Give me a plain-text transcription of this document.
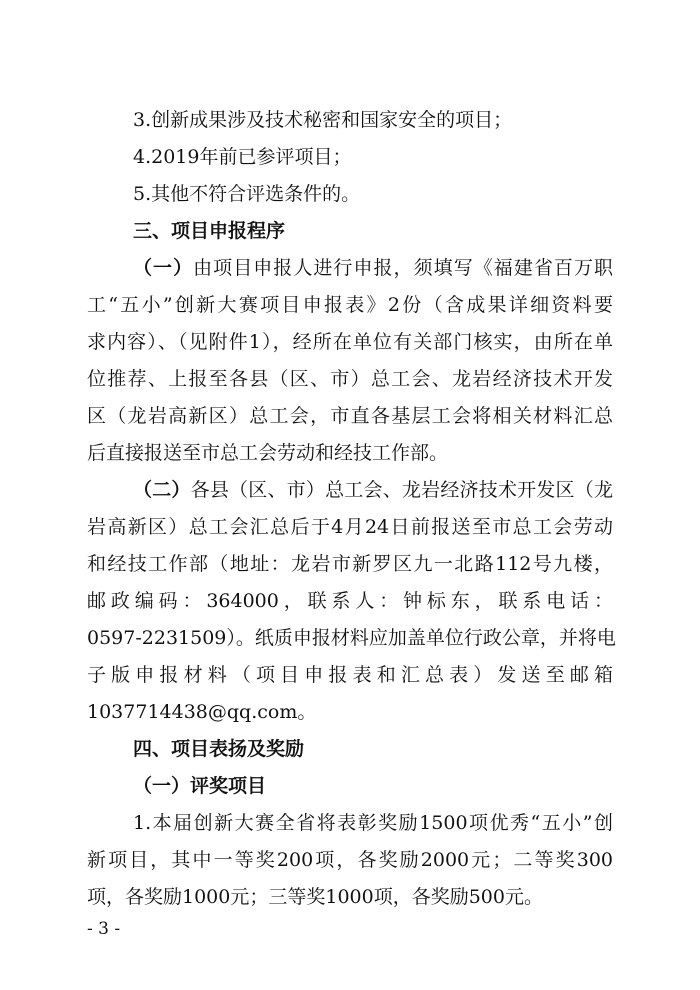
3.创新成果涉及技术秘密和国家安全的项目；

4.2019年前已参评项目；

5.其他不符合评选条件的。

三、项目申报程序

（一）由项目申报人进行申报，须填写《福建省百万职

工“五小”创新大赛项目申报表》2份（含成果详细资料要

求内容）、（见附件1），经所在单位有关部门核实，由所在单

位推荐、上报至各县（区、市）总工会、龙岩经济技术开发

区（龙岩高新区）总工会，市直各基层工会将相关材料汇总

后直接报送至市总工会劳动和经技工作部。

（二）各县（区、市）总工会、龙岩经济技术开发区（龙

岩高新区）总工会汇总后于4月24日前报送至市总工会劳动

和经技工作部（地址：龙岩市新罗区九一北路112号九楼，

邮政编码：364000，联系人：钟标东，联系电话：

0597-2231509）。纸质申报材料应加盖单位行政公章，并将电

子版申报材料（项目申报表和汇总表）发送至邮箱

1037714438@qq.com。

四、项目表扬及奖励

（一）评奖项目

1.本届创新大赛全省将表彰奖励1500项优秀“五小”创

新项目，其中一等奖200项，各奖励2000元；二等奖300

项，各奖励1000元；三等奖1000项，各奖励500元。

- 3 -
